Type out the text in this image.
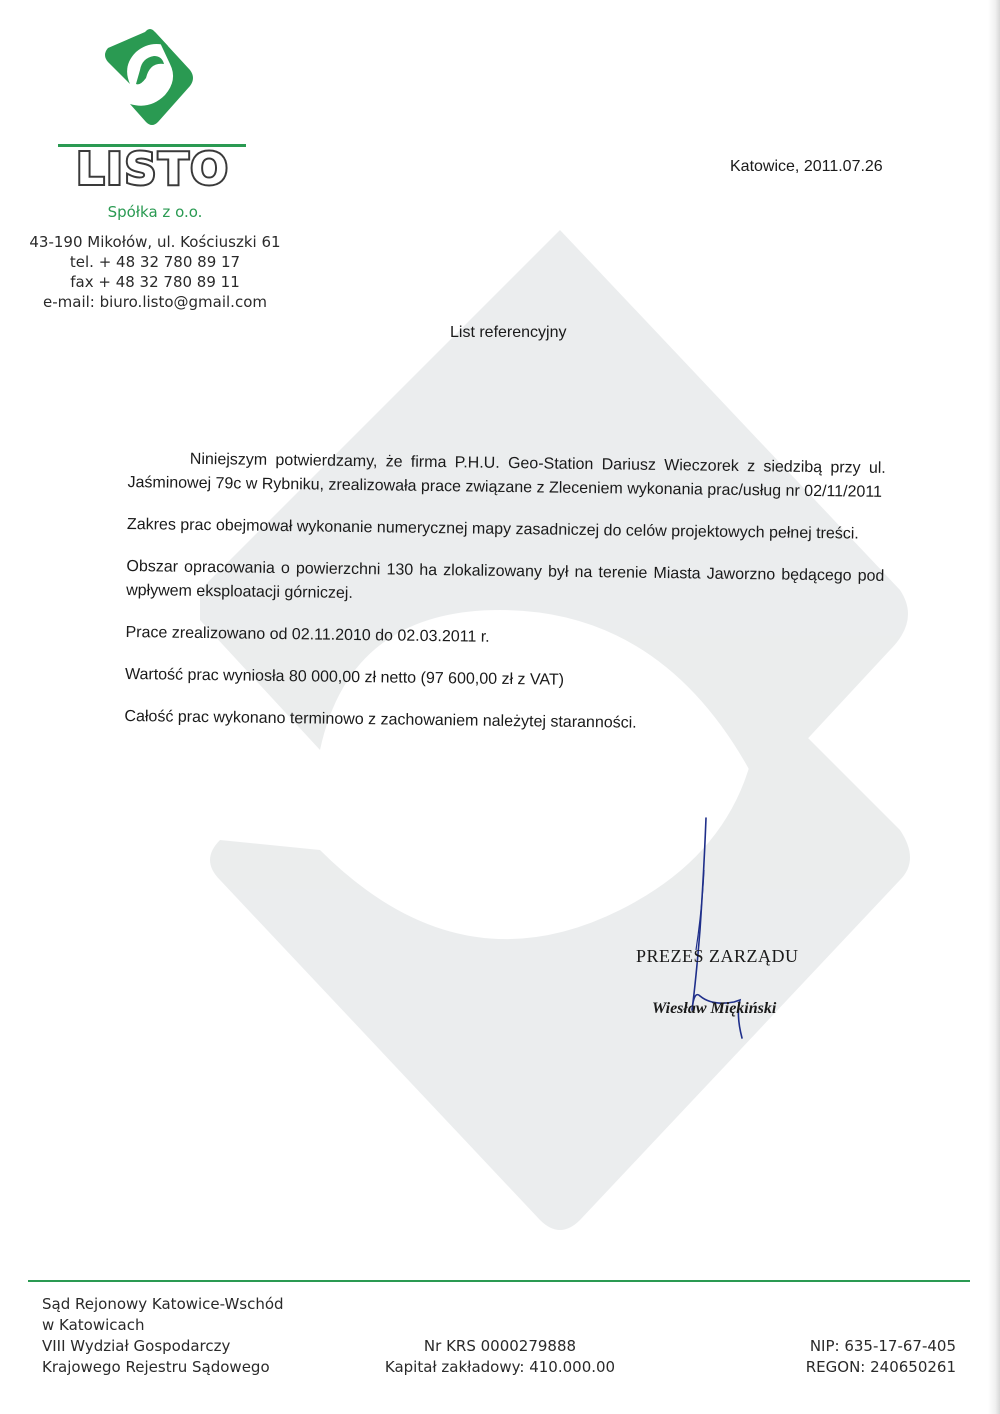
LISTO
Spółka z o.o.
43-190 Mikołów, ul. Kościuszki 61
tel. + 48 32 780 89 17
fax + 48 32 780 89 11
e-mail: biuro.listo@gmail.com
Katowice, 2011.07.26
List referencyjny

Niniejszym potwierdzamy, że firma P.H.U. Geo-Station Dariusz Wieczorek z siedzibą przy ul. Jaśminowej 79c w Rybniku, zrealizowała prace związane z Zleceniem wykonania prac/usług nr 02/11/2011

Zakres prac obejmował wykonanie numerycznej mapy zasadniczej do celów projektowych pełnej treści.

Obszar opracowania o powierzchni 130 ha zlokalizowany był na terenie Miasta Jaworzno będącego pod wpływem eksploatacji górniczej.

Prace zrealizowano od 02.11.2010 do 02.03.2011 r.

Wartość prac wyniosła 80 000,00 zł netto (97 600,00 zł z VAT)

Całość prac wykonano terminowo z zachowaniem należytej staranności.

PREZES ZARZĄDU
Wiesław Miękiński
Sąd Rejonowy Katowice-Wschód
w Katowicach
VIII Wydział Gospodarczy
Krajowego Rejestru Sądowego
Nr KRS 0000279888
Kapitał zakładowy: 410.000.00
NIP: 635-17-67-405
REGON: 240650261
